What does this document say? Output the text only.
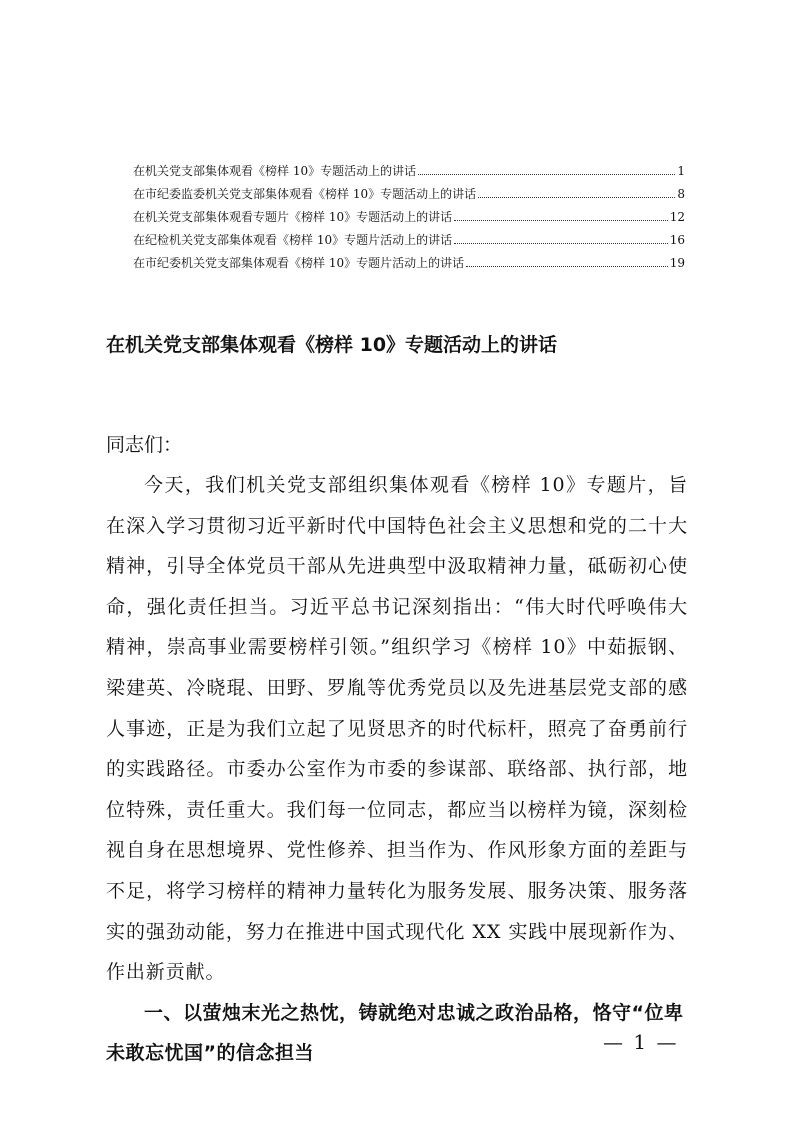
在机关党支部集体观看《榜样 10》专题活动上的讲话	1
在市纪委监委机关党支部集体观看《榜样 10》专题活动上的讲话	8
在机关党支部集体观看专题片《榜样 10》专题活动上的讲话	12
在纪检机关党支部集体观看《榜样 10》专题片活动上的讲话	16
在市纪委机关党支部集体观看《榜样 10》专题片活动上的讲话	19
在机关党支部集体观看《榜样 10》专题活动上的讲话

同志们：

今天，我们机关党支部组织集体观看《榜样 10》专题片，旨在深入学习贯彻习近平新时代中国特色社会主义思想和党的二十大精神，引导全体党员干部从先进典型中汲取精神力量，砥砺初心使命，强化责任担当。习近平总书记深刻指出：“伟大时代呼唤伟大精神，崇高事业需要榜样引领。”组织学习《榜样 10》中茹振钢、梁建英、冷晓琨、田野、罗胤等优秀党员以及先进基层党支部的感人事迹，正是为我们立起了见贤思齐的时代标杆，照亮了奋勇前行的实践路径。市委办公室作为市委的参谋部、联络部、执行部，地位特殊，责任重大。我们每一位同志，都应当以榜样为镜，深刻检视自身在思想境界、党性修养、担当作为、作风形象方面的差距与不足，将学习榜样的精神力量转化为服务发展、服务决策、服务落实的强劲动能，努力在推进中国式现代化 XX 实践中展现新作为、作出新贡献。

一、以萤烛末光之热忱，铸就绝对忠诚之政治品格，恪守“位卑未敢忘忧国”的信念担当	— 1 —
